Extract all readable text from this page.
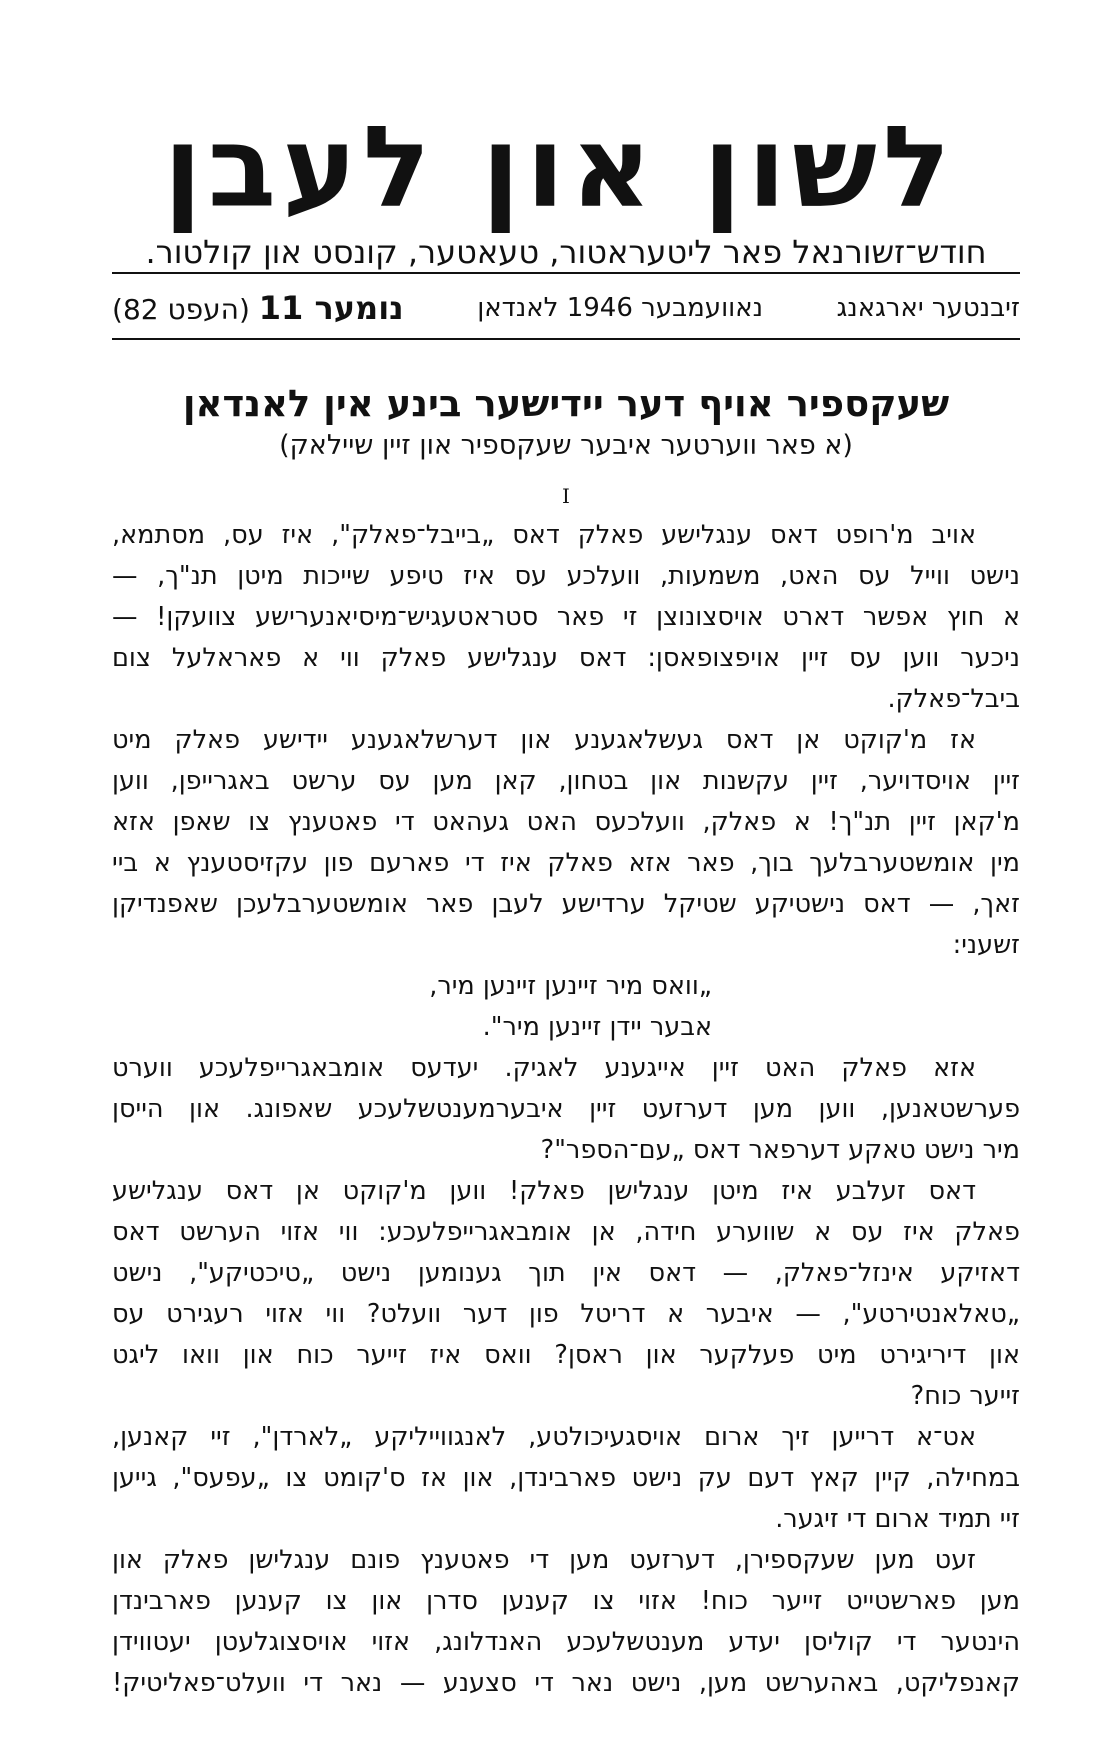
לשון און לעבן
חודש־זשורנאל פאר ליטעראטור, טעאטער, קונסט און קולטור.
זיבנטער יארגאנג
נאוועמבער 1946 לאנדאן
נומער 11 (העפט 82)
שעקספיר אויף דער יידישער בינע אין לאנדאן
(א פאר ווערטער איבער שעקספיר און זיין שיילאק)
I
אויב מ'רופט דאס ענגלישע פאלק דאס „בייבל־פאלק", איז עס, מסתמא,
נישט ווייל עס האט, משמעות, וועלכע עס איז טיפע שייכות מיטן תנ"ך, —
א חוץ אפשר דארט אויסצונוצן זי פאר סטראטעגיש־מיסיאנערישע צוועקן! —
ניכער ווען עס זיין אויפצופאסן: דאס ענגלישע פאלק ווי א פאראלעל צום
ביבל־פאלק.
אז מ'קוקט אן דאס געשלאגענע און דערשלאגענע יידישע פאלק מיט
זיין אויסדויער, זיין עקשנות און בטחון, קאן מען עס ערשט באגרייפן, ווען
מ'קאן זיין תנ"ך! א פאלק, וועלכעס האט געהאט די פאטענץ צו שאפן אזא
מין אומשטערבלעך בוך, פאר אזא פאלק איז די פארעם פון עקזיסטענץ א ביי
זאך, — דאס נישטיקע שטיקל ערדישע לעבן פאר אומשטערבלעכן שאפנדיקן
זשעני:
„וואס מיר זיינען זיינען מיר,
אבער יידן זיינען מיר".
אזא פאלק האט זיין אייגענע לאגיק. יעדעס אומבאגרייפלעכע ווערט
פערשטאנען, ווען מען דערזעט זיין איבערמענטשלעכע שאפונג. און הייסן
מיר נישט טאקע דערפאר דאס „עם־הספר"?
דאס זעלבע איז מיטן ענגלישן פאלק! ווען מ'קוקט אן דאס ענגלישע
פאלק איז עס א שווערע חידה, אן אומבאגרייפלעכע: ווי אזוי הערשט דאס
דאזיקע אינזל־פאלק, — דאס אין תוך גענומען נישט „טיכטיקע", נישט
„טאלאנטירטע", — איבער א דריטל פון דער וועלט? ווי אזוי רעגירט עס
און דיריגירט מיט פעלקער און ראסן? וואס איז זייער כוח און וואו ליגט
זייער כוח?
אט־א דרייען זיך ארום אויסגעיכולטע, לאנגווייליקע „לארדן", זיי קאנען,
במחילה, קיין קאץ דעם עק נישט פארבינדן, און אז ס'קומט צו „עפעס", גייען
זיי תמיד ארום די זיגער.
זעט מען שעקספירן, דערזעט מען די פאטענץ פונם ענגלישן פאלק און
מען פארשטייט זייער כוח! אזוי צו קענען סדרן און צו קענען פארבינדן
הינטער די קוליסן יעדע מענטשלעכע האנדלונג, אזוי אויסצוגלעטן יעטווידן
קאנפליקט, באהערשט מען, נישט נאר די סצענע — נאר די וועלט־פאליטיק!
